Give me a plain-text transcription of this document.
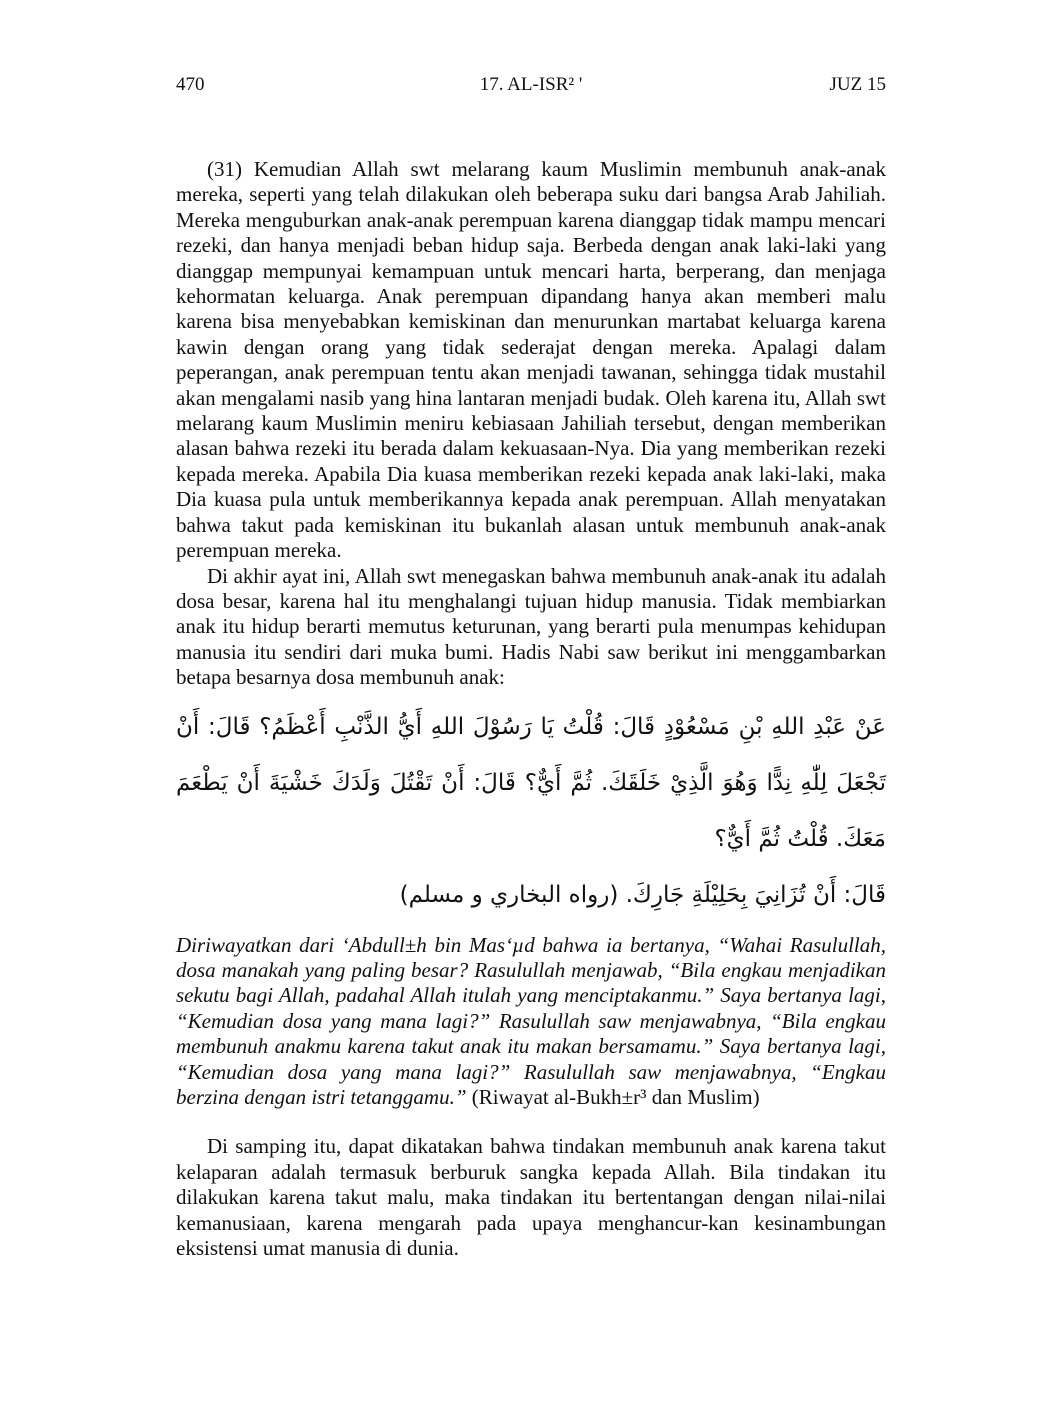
17. AL-ISR² '
470	JUZ 15

(31) Kemudian Allah swt melarang kaum Muslimin membunuh anak-anak mereka, seperti yang telah dilakukan oleh beberapa suku dari bangsa Arab Jahiliah. Mereka menguburkan anak-anak perempuan karena dianggap tidak mampu mencari rezeki, dan hanya menjadi beban hidup saja. Berbeda dengan anak laki-laki yang dianggap mempunyai kemampuan untuk mencari harta, berperang, dan menjaga kehormatan keluarga. Anak perempuan dipandang hanya akan memberi malu karena bisa menyebabkan kemiskinan dan menurunkan martabat keluarga karena kawin dengan orang yang tidak sederajat dengan mereka. Apalagi dalam peperangan, anak perempuan tentu akan menjadi tawanan, sehingga tidak mustahil akan mengalami nasib yang hina lantaran menjadi budak. Oleh karena itu, Allah swt melarang kaum Muslimin meniru kebiasaan Jahiliah tersebut, dengan memberikan alasan bahwa rezeki itu berada dalam kekuasaan-Nya. Dia yang memberikan rezeki kepada mereka. Apabila Dia kuasa memberikan rezeki kepada anak laki-laki, maka Dia kuasa pula untuk memberikannya kepada anak perempuan. Allah menyatakan bahwa takut pada kemiskinan itu bukanlah alasan untuk membunuh anak-anak perempuan mereka.

Di akhir ayat ini, Allah swt menegaskan bahwa membunuh anak-anak itu adalah dosa besar, karena hal itu menghalangi tujuan hidup manusia. Tidak membiarkan anak itu hidup berarti memutus keturunan, yang berarti pula menumpas kehidupan manusia itu sendiri dari muka bumi. Hadis Nabi saw berikut ini menggambarkan betapa besarnya dosa membunuh anak:

عَنْ عَبْدِ اللهِ بْنِ مَسْعُوْدٍ قَالَ: قُلْتُ يَا رَسُوْلَ اللهِ أَيُّ الذَّنْبِ أَعْظَمُ؟ قَالَ: أَنْ تَجْعَلَ لِلّٰهِ نِدًّا وَهُوَ الَّذِيْ خَلَقَكَ. ثُمَّ أَيٌّ؟ قَالَ: أَنْ تَقْتُلَ وَلَدَكَ خَشْيَةَ أَنْ يَطْعَمَ مَعَكَ. قُلْتُ ثُمَّ أَيٌّ؟
قَالَ: أَنْ تُزَانِيَ بِحَلِيْلَةِ جَارِكَ. (رواه البخاري و مسلم)

Diriwayatkan dari ‘Abdull±h bin Mas‘µd bahwa ia bertanya, “Wahai Rasulullah, dosa manakah yang paling besar? Rasulullah menjawab, “Bila engkau menjadikan sekutu bagi Allah, padahal Allah itulah yang menciptakanmu.” Saya bertanya lagi, “Kemudian dosa yang mana lagi?” Rasulullah saw menjawabnya, “Bila engkau membunuh anakmu karena takut anak itu makan bersamamu.” Saya bertanya lagi, “Kemudian dosa yang mana lagi?” Rasulullah saw menjawabnya, “Engkau berzina dengan istri tetanggamu.” (Riwayat al-Bukh±r³ dan Muslim)

Di samping itu, dapat dikatakan bahwa tindakan membunuh anak karena takut kelaparan adalah termasuk berburuk sangka kepada Allah. Bila tindakan itu dilakukan karena takut malu, maka tindakan itu bertentangan dengan nilai-nilai kemanusiaan, karena mengarah pada upaya menghancur-kan kesinambungan eksistensi umat manusia di dunia.
